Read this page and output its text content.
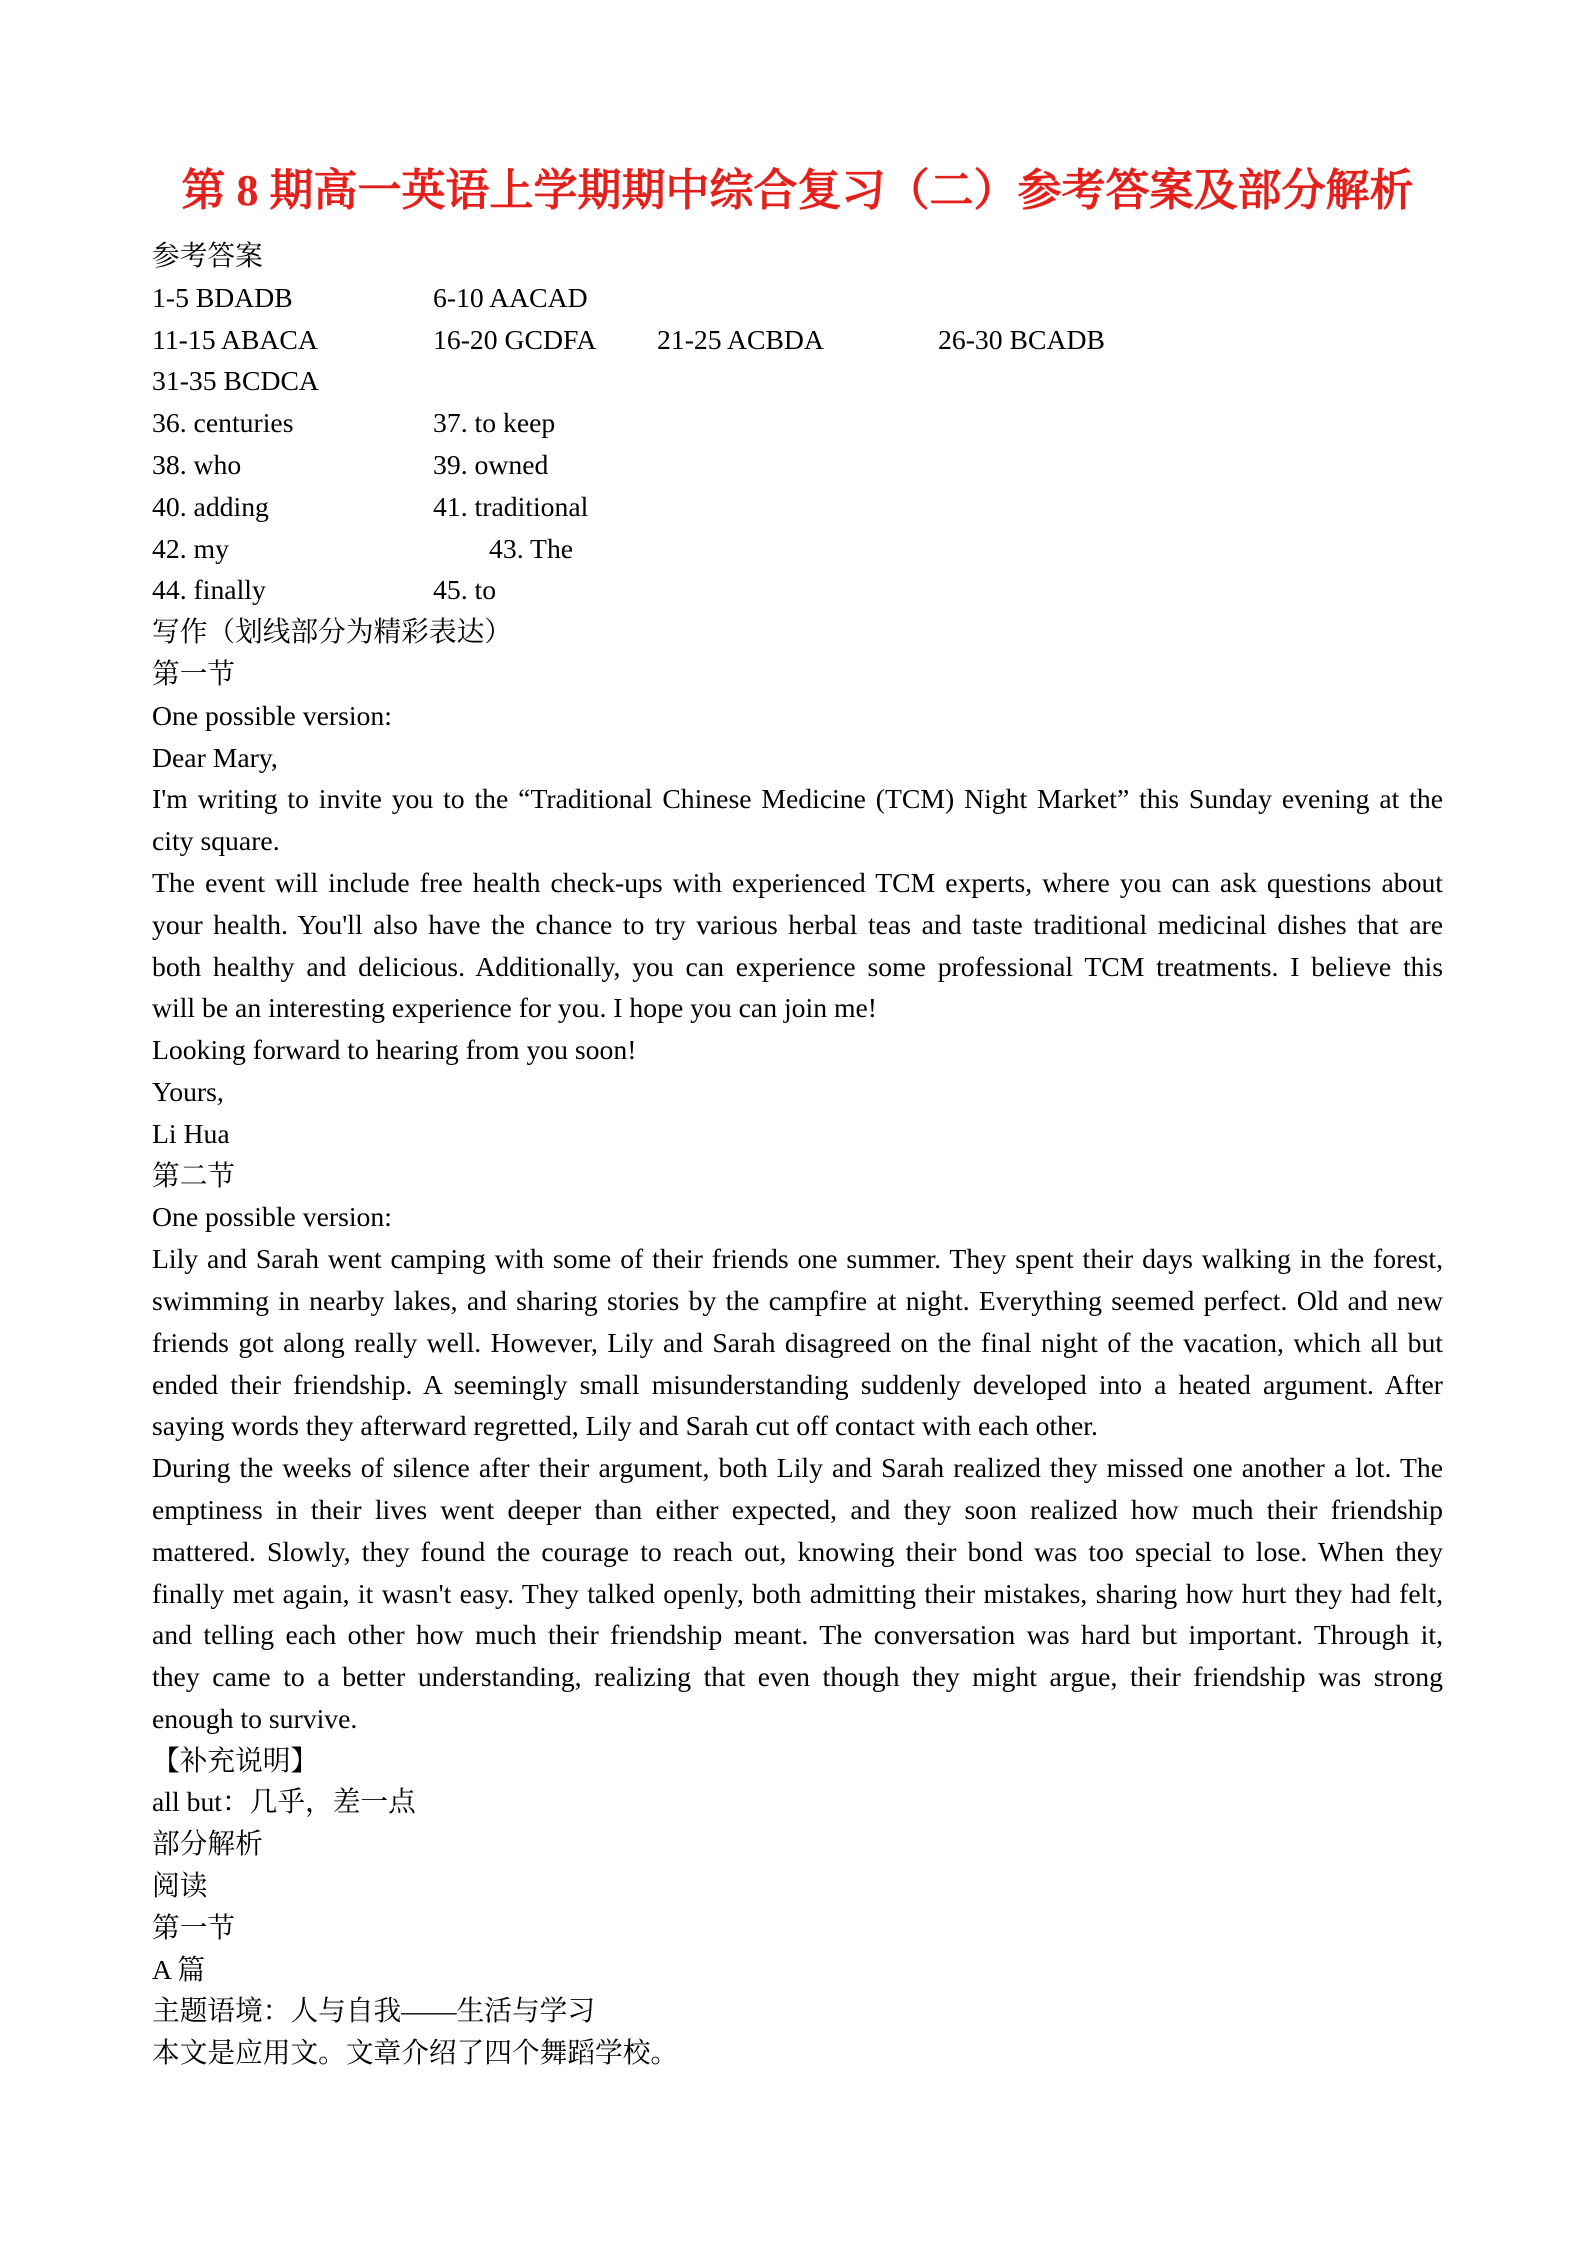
第 8 期高一英语上学期期中综合复习（二）参考答案及部分解析
参考答案
1-5 BDADB	6-10 AACAD
11-15 ABACA	16-20 GCDFA 21-25 ACBDA	26-30 BCADB
31-35 BCDCA
36. centuries	37. to keep
38. who	39. owned
40. adding	41. traditional
42. my	43. The
44. finally	45. to
写作（划线部分为精彩表达）
第一节
One possible version:
Dear Mary,
I'm writing to invite you to the “Traditional Chinese Medicine (TCM) Night Market” this Sunday evening at the
city square.
The event will include free health check-ups with experienced TCM experts, where you can ask questions about
your health. You'll also have the chance to try various herbal teas and taste traditional medicinal dishes that are
both healthy and delicious. Additionally, you can experience some professional TCM treatments. I believe this
will be an interesting experience for you. I hope you can join me!
Looking forward to hearing from you soon!
Yours,
Li Hua
第二节
One possible version:
Lily and Sarah went camping with some of their friends one summer. They spent their days walking in the forest,
swimming in nearby lakes, and sharing stories by the campfire at night. Everything seemed perfect. Old and new
friends got along really well. However, Lily and Sarah disagreed on the final night of the vacation, which all but
ended their friendship. A seemingly small misunderstanding suddenly developed into a heated argument. After
saying words they afterward regretted, Lily and Sarah cut off contact with each other.
During the weeks of silence after their argument, both Lily and Sarah realized they missed one another a lot. The
emptiness in their lives went deeper than either expected, and they soon realized how much their friendship
mattered. Slowly, they found the courage to reach out, knowing their bond was too special to lose. When they
finally met again, it wasn't easy. They talked openly, both admitting their mistakes, sharing how hurt they had felt,
and telling each other how much their friendship meant. The conversation was hard but important. Through it,
they came to a better understanding, realizing that even though they might argue, their friendship was strong
enough to survive.
【补充说明】
all but：几乎，差一点
部分解析
阅读
第一节
A 篇
主题语境：人与自我——生活与学习
本文是应用文。文章介绍了四个舞蹈学校。
